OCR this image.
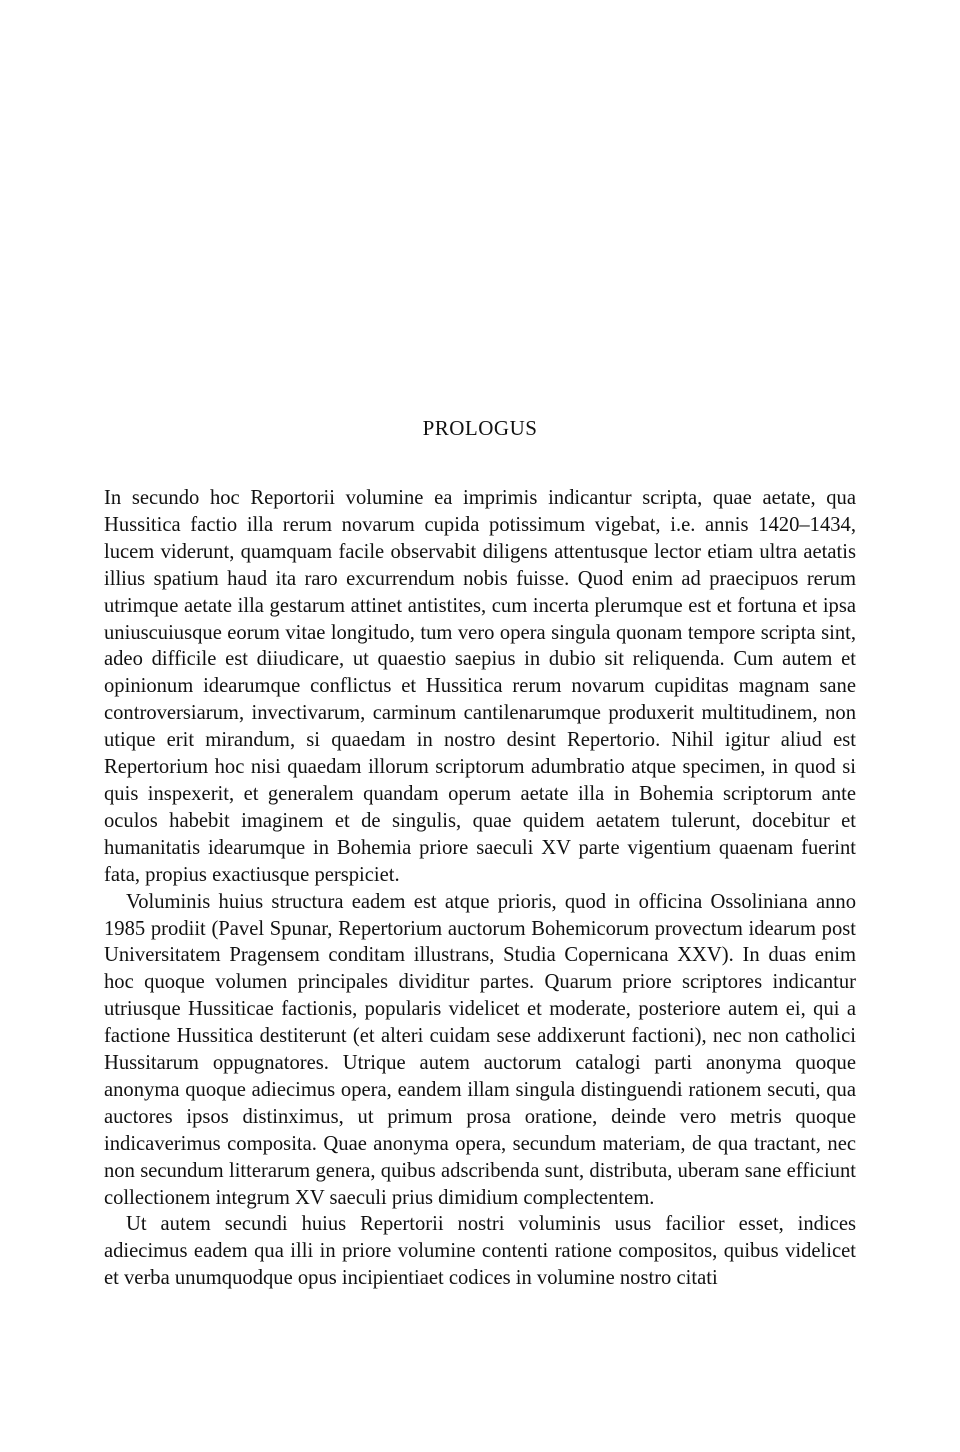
PROLOGUS

In secundo hoc Reportorii volumine ea imprimis indicantur scripta, quae aetate, qua Hussitica factio illa rerum novarum cupida potissimum vigebat, i.e. annis 1420–1434, lucem viderunt, quamquam facile observabit diligens attentusque lector etiam ultra aetatis illius spatium haud ita raro excurrendum nobis fuisse. Quod enim ad praecipuos rerum utrimque aetate illa gestarum attinet antistites, cum incerta plerumque est et fortuna et ipsa uniuscuiusque eorum vitae longitudo, tum vero opera singula quonam tempore scripta sint, adeo difficile est diiudicare, ut quaestio saepius in dubio sit reliquenda. Cum autem et opinionum idearumque conflictus et Hussitica rerum novarum cupiditas magnam sane controversiarum, invectivarum, carminum cantilenarumque produxerit multitudinem, non utique erit mirandum, si quaedam in nostro desint Repertorio. Nihil igitur aliud est Repertorium hoc nisi quaedam illorum scriptorum adumbratio atque specimen, in quod si quis inspexerit, et generalem quandam operum aetate illa in Bohemia scriptorum ante oculos habebit imaginem et de singulis, quae quidem aetatem tulerunt, docebitur et humanitatis idearumque in Bohemia priore saeculi XV parte vigentium quaenam fuerint fata, propius exactiusque perspiciet.

Voluminis huius structura eadem est atque prioris, quod in officina Ossoliniana anno 1985 prodiit (Pavel Spunar, Repertorium auctorum Bohemicorum provectum idearum post Universitatem Pragensem conditam illustrans, Studia Copernicana XXV). In duas enim hoc quoque volumen principales dividitur partes. Quarum priore scriptores indicantur utriusque Hussiticae factionis, popularis videlicet et moderate, posteriore autem ei, qui a factione Hussitica destiterunt (et alteri cuidam sese addixerunt factioni), nec non catholici Hussitarum oppugnatores. Utrique autem auctorum catalogi parti anonyma quoque anonyma quoque adiecimus opera, eandem illam singula distinguendi rationem secuti, qua auctores ipsos distinximus, ut primum prosa oratione, deinde vero metris quoque indicaverimus composita. Quae anonyma opera, secundum materiam, de qua tractant, nec non secundum litterarum genera, quibus adscribenda sunt, distributa, uberam sane efficiunt collectionem integrum XV saeculi prius dimidium complectentem.

Ut autem secundi huius Repertorii nostri voluminis usus facilior esset, indices adiecimus eadem qua illi in priore volumine contenti ratione compositos, quibus videlicet et verba unumquodque opus incipientiaet codices in volumine nostro citati
